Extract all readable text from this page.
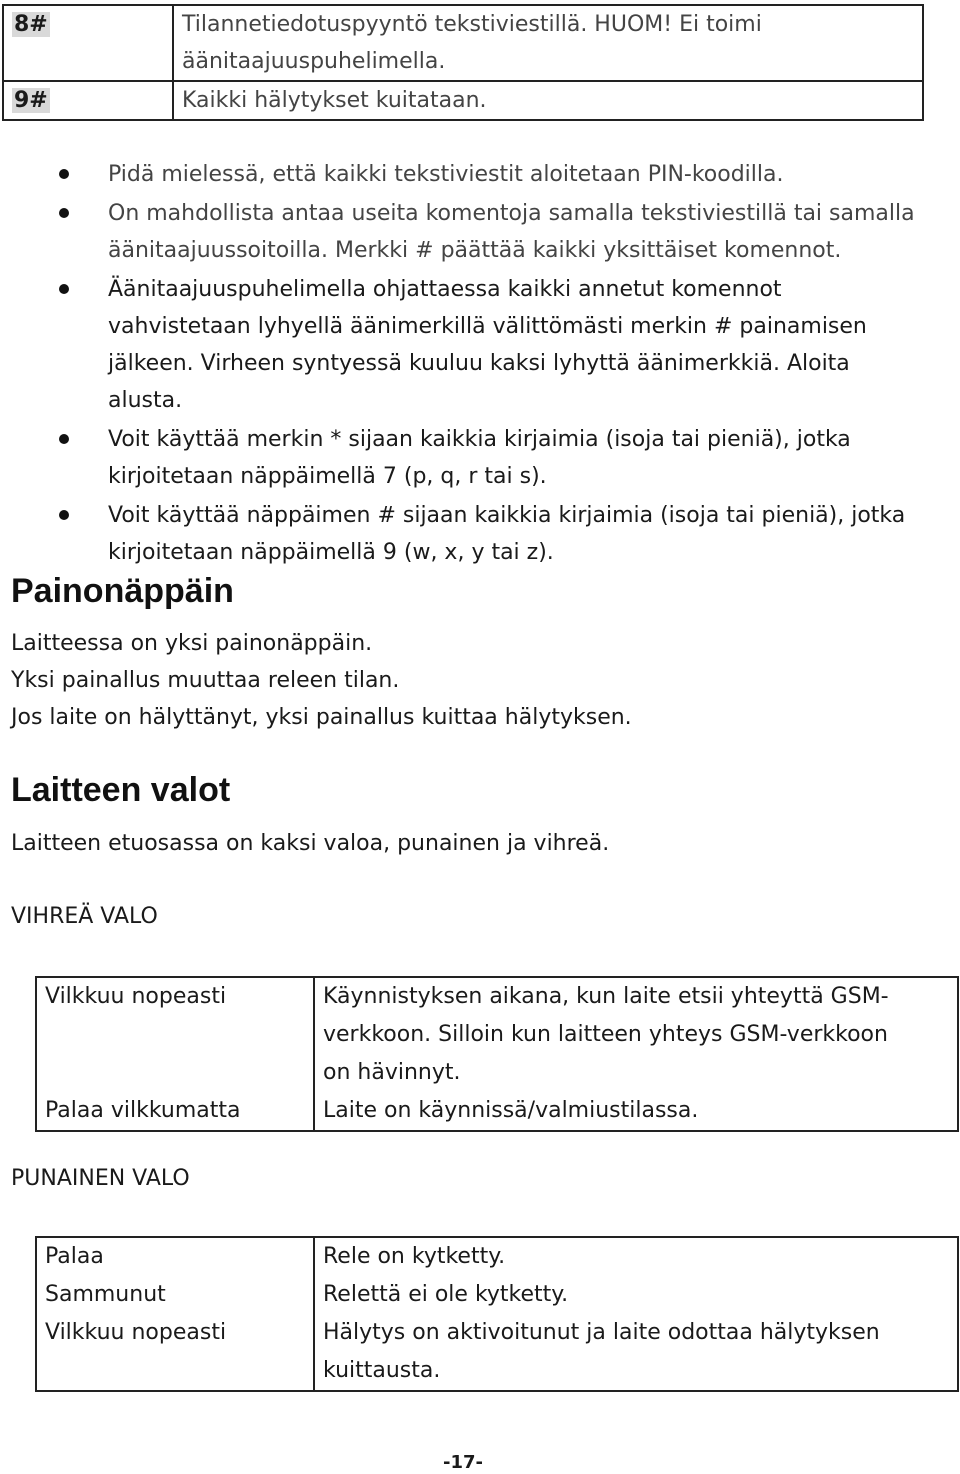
8#	Tilannetiedotuspyyntö tekstiviestillä. HUOM! Ei toimi äänitaajuuspuhelimella.
9#	Kaikki hälytykset kuitataan.
Pidä mielessä, että kaikki tekstiviestit aloitetaan PIN-koodilla.
On mahdollista antaa useita komentoja samalla tekstiviestillä tai samalla äänitaajuussoitoilla. Merkki # päättää kaikki yksittäiset komennot.
Äänitaajuuspuhelimella ohjattaessa kaikki annetut komennot vahvistetaan lyhyellä äänimerkillä välittömästi merkin # painamisen jälkeen. Virheen syntyessä kuuluu kaksi lyhyttä äänimerkkiä. Aloita alusta.
Voit käyttää merkin * sijaan kaikkia kirjaimia (isoja tai pieniä), jotka kirjoitetaan näppäimellä 7 (p, q, r tai s).
Voit käyttää näppäimen # sijaan kaikkia kirjaimia (isoja tai pieniä), jotka kirjoitetaan näppäimellä 9 (w, x, y tai z).
Painonäppäin
Laitteessa on yksi painonäppäin.
Yksi painallus muuttaa releen tilan.
Jos laite on hälyttänyt, yksi painallus kuittaa hälytyksen.
Laitteen valot
Laitteen etuosassa on kaksi valoa, punainen ja vihreä.
VIHREÄ VALO
Vilkkuu nopeasti	Käynnistyksen aikana, kun laite etsii yhteyttä GSM-verkkoon. Silloin kun laitteen yhteys GSM-verkkoon on hävinnyt.

Palaa vilkkumatta	Laite on käynnissä/valmiustilassa.
PUNAINEN VALO
Palaa	Rele on kytketty.
Sammunut	Relettä ei ole kytketty.
Vilkkuu nopeasti	Hälytys on aktivoitunut ja laite odottaa hälytyksen kuittausta.
-17-
